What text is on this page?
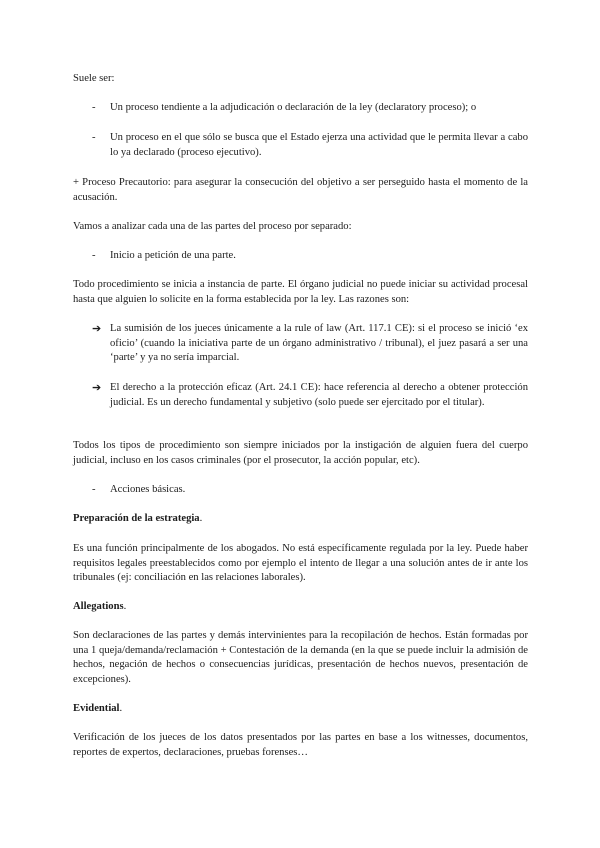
Suele ser:

- Un proceso tendiente a la adjudicación o declaración de la ley (declaratory proceso); o
- Un proceso en el que sólo se busca que el Estado ejerza una actividad que le permita llevar a cabo lo ya declarado (proceso ejecutivo).

+ Proceso Precautorio: para asegurar la consecución del objetivo a ser perseguido hasta el momento de la acusación.

Vamos a analizar cada una de las partes del proceso por separado:

- Inicio a petición de una parte.

Todo procedimiento se inicia a instancia de parte. El órgano judicial no puede iniciar su actividad procesal hasta que alguien lo solicite en la forma establecida por la ley. Las razones son:

➔ La sumisión de los jueces únicamente a la rule of law (Art. 117.1 CE): si el proceso se inició ‘ex oficio’ (cuando la iniciativa parte de un órgano administrativo / tribunal), el juez pasará a ser una ‘parte’ y ya no sería imparcial.
➔ El derecho a la protección eficaz (Art. 24.1 CE): hace referencia al derecho a obtener protección judicial. Es un derecho fundamental y subjetivo (solo puede ser ejercitado por el titular).

Todos los tipos de procedimiento son siempre iniciados por la instigación de alguien fuera del cuerpo judicial, incluso en los casos criminales (por el prosecutor, la acción popular, etc).

- Acciones básicas.

Preparación de la estrategia.

Es una función principalmente de los abogados. No está específicamente regulada por la ley. Puede haber requisitos legales preestablecidos como por ejemplo el intento de llegar a una solución antes de ir ante los tribunales (ej: conciliación en las relaciones laborales).

Allegations.

Son declaraciones de las partes y demás intervinientes para la recopilación de hechos. Están formadas por una 1 queja/demanda/reclamación + Contestación de la demanda (en la que se puede incluir la admisión de hechos, negación de hechos o consecuencias jurídicas, presentación de hechos nuevos, presentación de excepciones).

Evidential.

Verificación de los jueces de los datos presentados por las partes en base a los witnesses, documentos, reportes de expertos, declaraciones, pruebas forenses…
